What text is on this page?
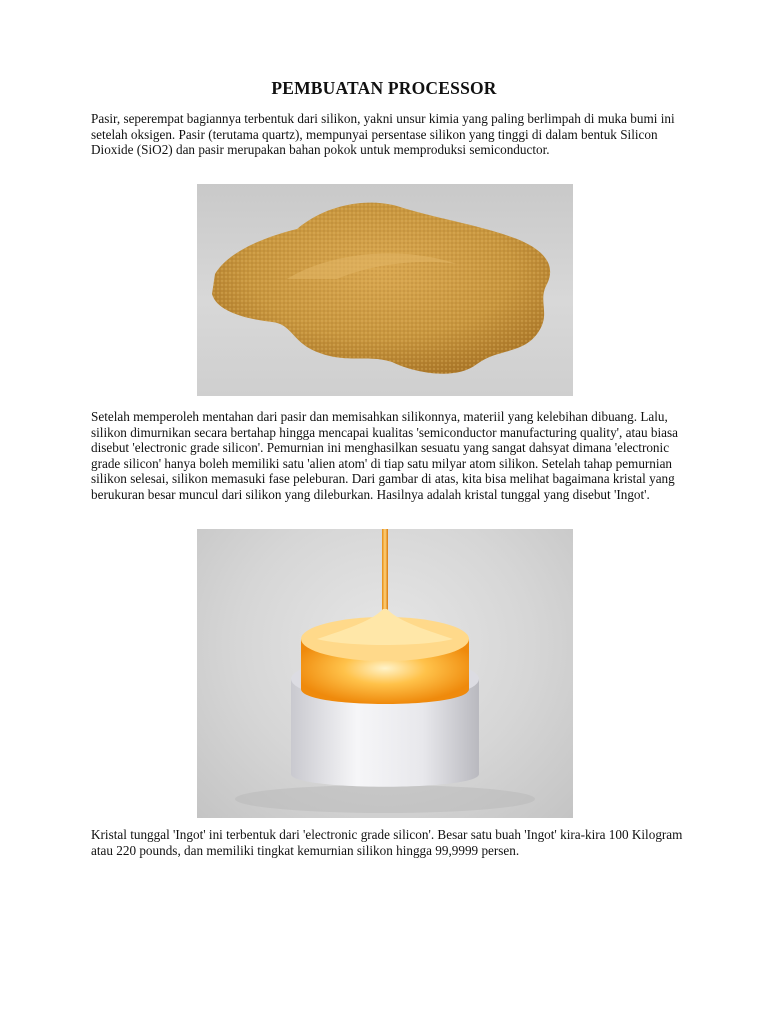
PEMBUATAN PROCESSOR

Pasir, seperempat bagiannya terbentuk dari silikon, yakni unsur kimia yang paling berlimpah di muka bumi ini setelah oksigen. Pasir (terutama quartz), mempunyai persentase silikon yang tinggi di dalam bentuk Silicon Dioxide (SiO2) dan pasir merupakan bahan pokok untuk memproduksi semiconductor.

Setelah memperoleh mentahan dari pasir dan memisahkan silikonnya, materiil yang kelebihan dibuang. Lalu, silikon dimurnikan secara bertahap hingga mencapai kualitas 'semiconductor manufacturing quality', atau biasa disebut 'electronic grade silicon'. Pemurnian ini menghasilkan sesuatu yang sangat dahsyat dimana 'electronic grade silicon' hanya boleh memiliki satu 'alien atom' di tiap satu milyar atom silikon. Setelah tahap pemurnian silikon selesai, silikon memasuki fase peleburan. Dari gambar di atas, kita bisa melihat bagaimana kristal yang berukuran besar muncul dari silikon yang dileburkan. Hasilnya adalah kristal tunggal yang disebut 'Ingot'.

Kristal tunggal 'Ingot' ini terbentuk dari 'electronic grade silicon'. Besar satu buah 'Ingot' kira-kira 100 Kilogram atau 220 pounds, dan memiliki tingkat kemurnian silikon hingga 99,9999 persen.
